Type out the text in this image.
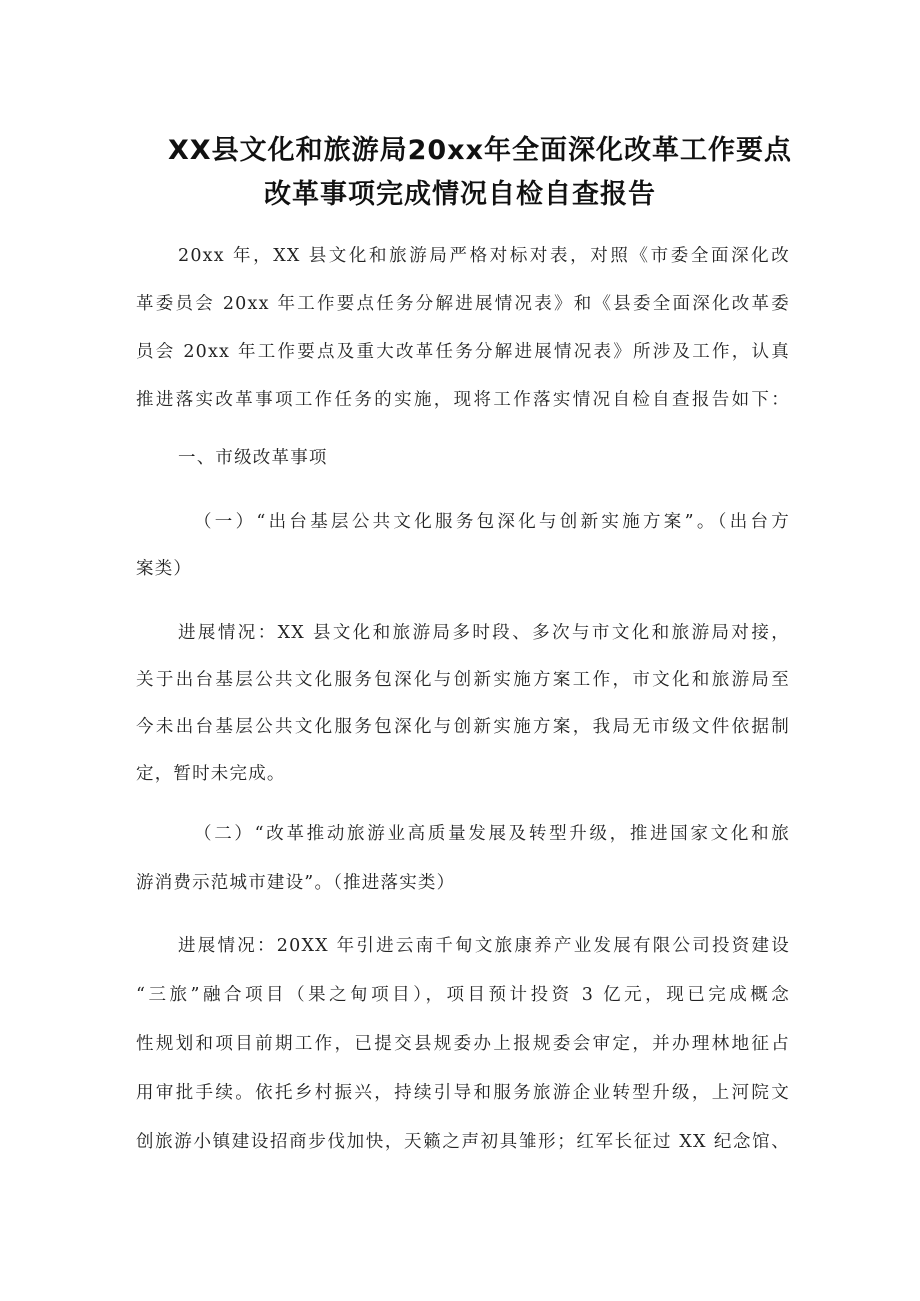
XX县文化和旅游局20xx年全面深化改革工作要点
改革事项完成情况自检自查报告
20xx 年，XX 县文化和旅游局严格对标对表，对照《市委全面深化改
革委员会 20xx 年工作要点任务分解进展情况表》和《县委全面深化改革委
员会 20xx 年工作要点及重大改革任务分解进展情况表》所涉及工作，认真
推进落实改革事项工作任务的实施，现将工作落实情况自检自查报告如下：
一、市级改革事项
（一）“出台基层公共文化服务包深化与创新实施方案”。（出台方
案类）
进展情况：XX 县文化和旅游局多时段、多次与市文化和旅游局对接，
关于出台基层公共文化服务包深化与创新实施方案工作，市文化和旅游局至
今未出台基层公共文化服务包深化与创新实施方案，我局无市级文件依据制
定，暂时未完成。
（二）“改革推动旅游业高质量发展及转型升级，推进国家文化和旅
游消费示范城市建设”。（推进落实类）
进展情况：20XX 年引进云南千甸文旅康养产业发展有限公司投资建设
“三旅”融合项目（果之甸项目），项目预计投资 3 亿元，现已完成概念
性规划和项目前期工作，已提交县规委办上报规委会审定，并办理林地征占
用审批手续。依托乡村振兴，持续引导和服务旅游企业转型升级，上河院文
创旅游小镇建设招商步伐加快，天籁之声初具雏形；红军长征过 XX 纪念馆、
